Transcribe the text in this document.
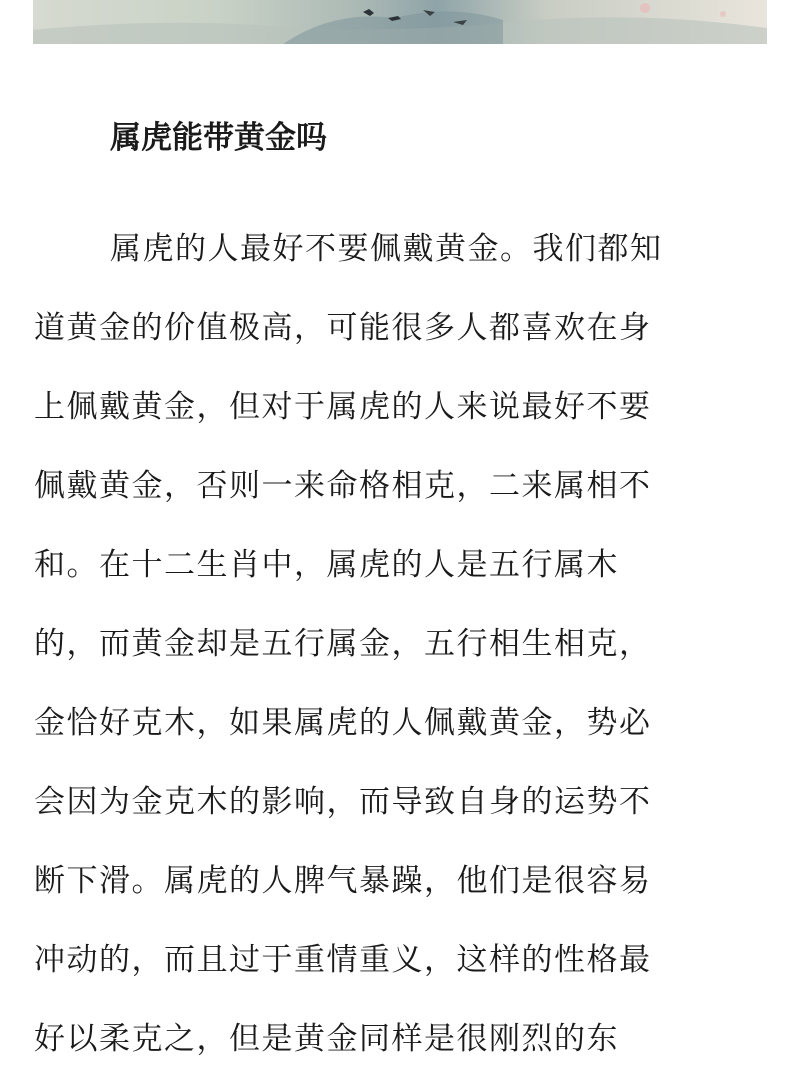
属虎能带黄金吗

属虎的人最好不要佩戴黄金。我们都知

道黄金的价值极高，可能很多人都喜欢在身

上佩戴黄金，但对于属虎的人来说最好不要

佩戴黄金，否则一来命格相克，二来属相不

和。在十二生肖中，属虎的人是五行属木

的，而黄金却是五行属金，五行相生相克，

金恰好克木，如果属虎的人佩戴黄金，势必

会因为金克木的影响，而导致自身的运势不

断下滑。属虎的人脾气暴躁，他们是很容易

冲动的，而且过于重情重义，这样的性格最

好以柔克之，但是黄金同样是很刚烈的东
